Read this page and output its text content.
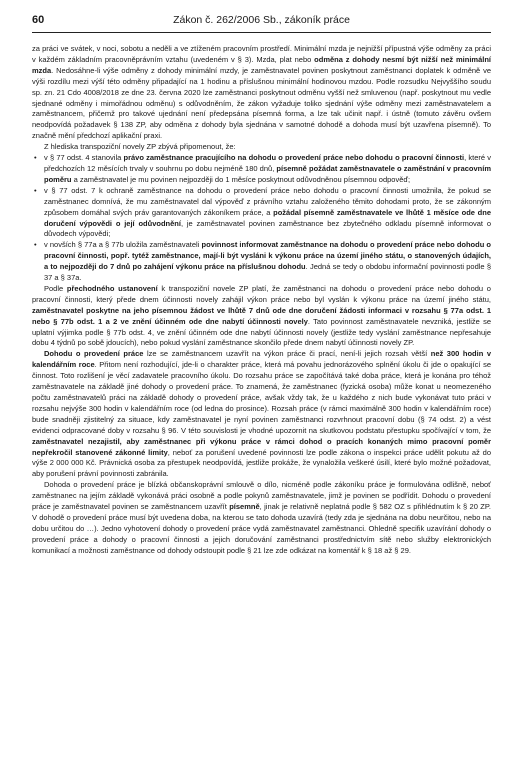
60	Zákon č. 262/2006 Sb., zákoník práce

za práci ve svátek, v noci, sobotu a neděli a ve ztíženém pracovním prostředí. Minimální mzda je nejnižší přípustná výše odměny za práci v každém základním pracovněprávním vztahu (uvedeném v § 3). Mzda, plat nebo odměna z dohody nesmí být nižší než minimální mzda. Nedosáhne-li výše odměny z dohody minimální mzdy, je zaměstnavatel povinen poskytnout zaměstnanci doplatek k odměně ve výši rozdílu mezi výší této odměny připadající na 1 hodinu a příslušnou minimální hodinovou mzdou. Podle rozsudku Nejvyššího soudu sp. zn. 21 Cdo 4008/2018 ze dne 23. června 2020 lze zaměstnanci poskytnout odměnu vyšší než smluvenou (např. poskytnout mu vedle sjednané odměny i mimořádnou odměnu) s odůvodněním, že zákon vyžaduje toliko sjednání výše odměny mezi zaměstnavatelem a zaměstnancem, přičemž pro takové ujednání není předepsána písemná forma, a lze tak učinit např. i ústně (tomuto závěru ovšem neodpovídá požadavek § 138 ZP, aby odměna z dohody byla sjednána v samotné dohodě a dohoda musí být uzavřena písemně). To značně mění předchozí aplikační praxi.

Z hlediska transpoziční novely ZP zbývá připomenout, že:

• v § 77 odst. 4 stanovila právo zaměstnance pracujícího na dohodu o provedení práce nebo dohodu o pracovní činnosti, které v předchozích 12 měsících trvaly v souhrnu po dobu nejméně 180 dnů, písemně požádat zaměstnavatele o zaměstnání v pracovním poměru a zaměstnavatel je mu povinen nejpozději do 1 měsíce poskytnout odůvodněnou písemnou odpověď;
• v § 77 odst. 7 k ochraně zaměstnance na dohodu o provedení práce nebo dohodu o pracovní činnosti umožnila, že pokud se zaměstnanec domnívá, že mu zaměstnavatel dal výpověď z právního vztahu založeného těmito dohodami proto, že se zákonným způsobem domáhal svých práv garantovaných zákoníkem práce, a požádal písemně zaměstnavatele ve lhůtě 1 měsíce ode dne doručení výpovědi o její odůvodnění, je zaměstnavatel povinen zaměstnance bez zbytečného odkladu písemně informovat o důvodech výpovědi;
• v novších § 77a a § 77b uložila zaměstnavateli povinnost informovat zaměstnance na dohodu o provedení práce nebo dohodu o pracovní činnosti, popř. tytéž zaměstnance, mají-li být vysláni k výkonu práce na území jiného státu, o stanovených údajích, a to nejpozději do 7 dnů po zahájení výkonu práce na příslušnou dohodu. Jedná se tedy o obdobu informační povinnosti podle § 37 a § 37a.

Podle přechodného ustanovení k transpoziční novele ZP platí, že zaměstnanci na dohodu o provedení práce nebo dohodu o pracovní činnosti, který přede dnem účinnosti novely zahájil výkon práce nebo byl vyslán k výkonu práce na území jiného státu, zaměstnavatel poskytne na jeho písemnou žádost ve lhůtě 7 dnů ode dne doručení žádosti informaci v rozsahu § 77a odst. 1 nebo § 77b odst. 1 a 2 ve znění účinném ode dne nabytí účinnosti novely. Tato povinnost zaměstnavatele nevzniká, jestliže se uplatní výjimka podle § 77b odst. 4, ve znění účinném ode dne nabytí účinnosti novely (jestliže tedy vyslání zaměstnance nepřesahuje dobu 4 týdnů po sobě jdoucích), nebo pokud vyslání zaměstnance skončilo přede dnem nabytí účinnosti novely ZP.

Dohodu o provedení práce lze se zaměstnancem uzavřít na výkon práce či prací, není-li jejich rozsah větší než 300 hodin v kalendářním roce. Přitom není rozhodující, jde-li o charakter práce, která má povahu jednorázového splnění úkolu či jde o opakující se činnost. Toto rozlišení je věcí zadavatele pracovního úkolu. Do rozsahu práce se započítává také doba práce, která je konána pro téhož zaměstnavatele na základě jiné dohody o provedení práce. To znamená, že zaměstnanec (fyzická osoba) může konat u neomezeného počtu zaměstnavatelů práci na základě dohody o provedení práce, avšak vždy tak, že u každého z nich bude vykonávat tuto práci v rozsahu nejvýše 300 hodin v kalendářním roce (od ledna do prosince). Rozsah práce (v rámci maximálně 300 hodin v kalendářním roce) bude snadněji zjistitelný za situace, kdy zaměstnavatel je nyní povinen zaměstnanci rozvrhnout pracovní dobu (§ 74 odst. 2) a vést evidenci odpracované doby v rozsahu § 96. V této souvislosti je vhodné upozornit na skutkovou podstatu přestupku spočívající v tom, že zaměstnavatel nezajistil, aby zaměstnanec při výkonu práce v rámci dohod o pracích konaných mimo pracovní poměr nepřekročil stanovené zákonné limity, neboť za porušení uvedené povinnosti lze podle zákona o inspekci práce udělit pokutu až do výše 2 000 000 Kč. Právnická osoba za přestupek neodpovídá, jestliže prokáže, že vynaložila veškeré úsilí, které bylo možné požadovat, aby porušení právní povinnosti zabránila.

Dohoda o provedení práce je blízká občanskoprávní smlouvě o dílo, nicméně podle zákoníku práce je formulována odlišně, neboť zaměstnanec na jejím základě vykonává práci osobně a podle pokynů zaměstnavatele, jimž je povinen se podřídit. Dohodu o provedení práce je zaměstnavatel povinen se zaměstnancem uzavřít písemně, jinak je relativně neplatná podle § 582 OZ s přihlédnutím k § 20 ZP. V dohodě o provedení práce musí být uvedena doba, na kterou se tato dohoda uzavírá (tedy zda je sjednána na dobu neurčitou, nebo na dobu určitou do …). Jedno vyhotovení dohody o provedení práce vydá zaměstnavatel zaměstnanci. Ohledně specifik uzavírání dohody o provedení práce a dohody o pracovní činnosti a jejich doručování zaměstnanci prostřednictvím sítě nebo služby elektronických komunikací a možnosti zaměstnance od dohody odstoupit podle § 21 lze zde odkázat na komentář k § 18 až § 29.
